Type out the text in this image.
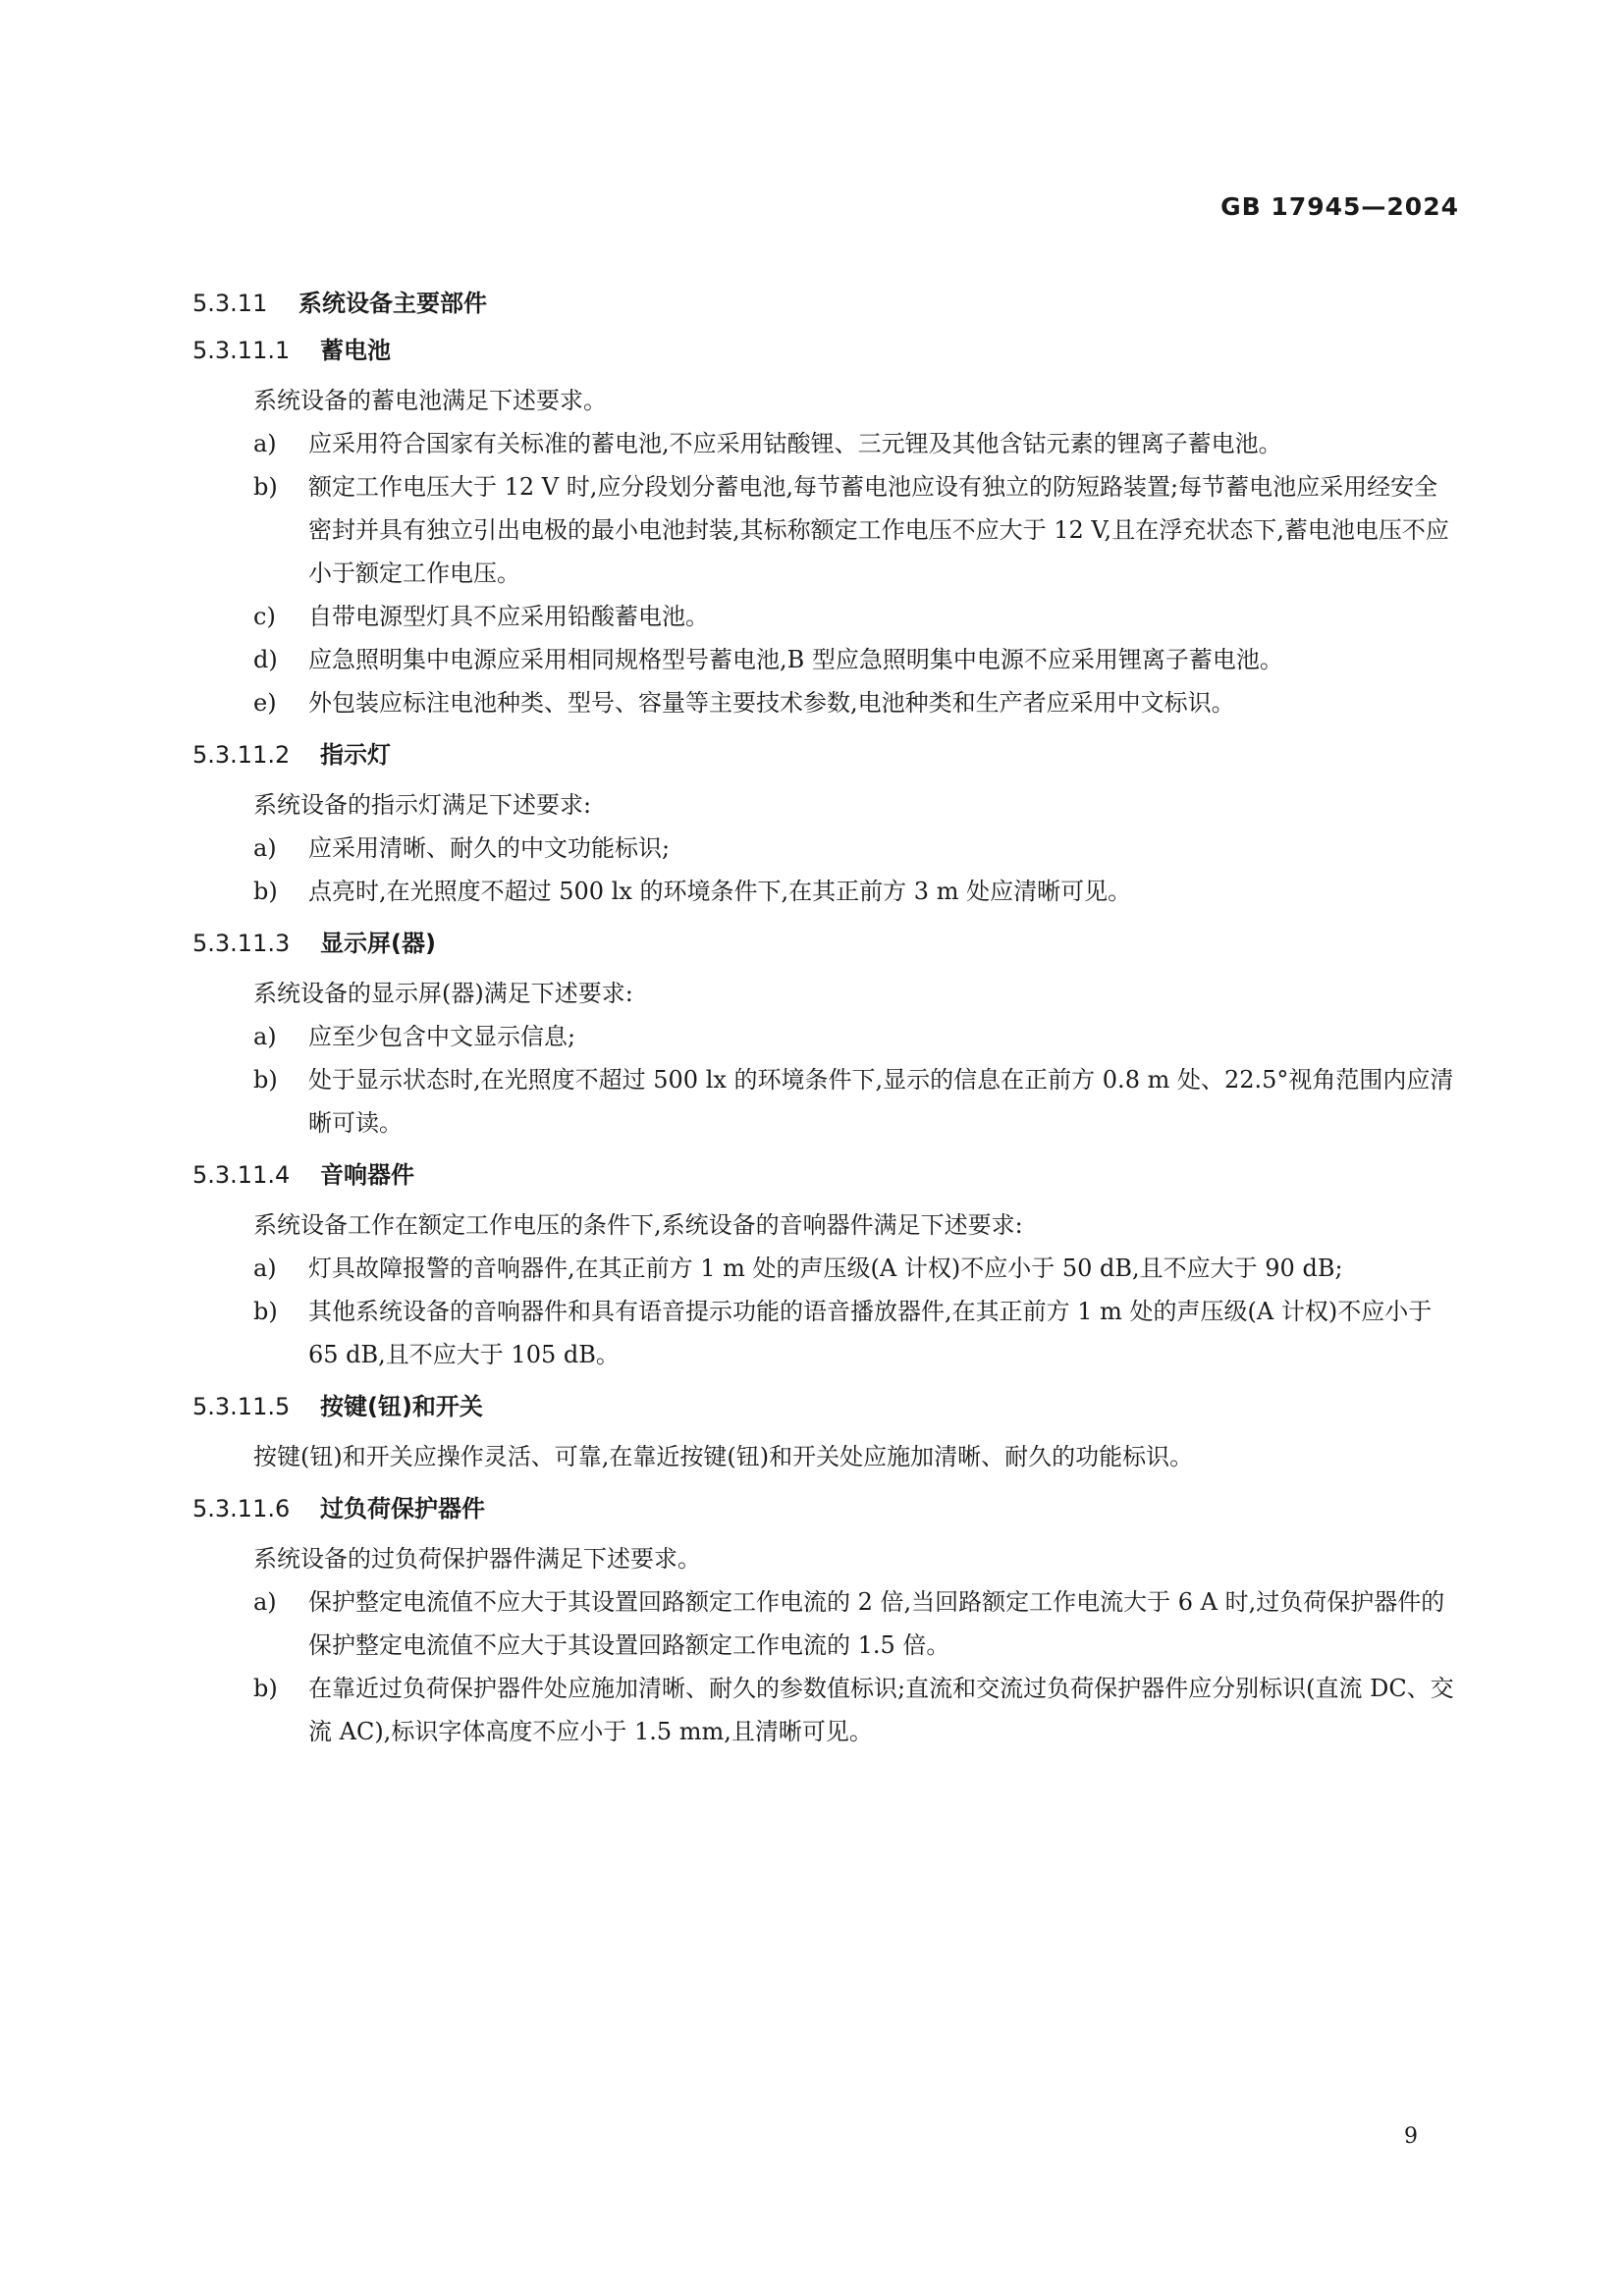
GB 17945—2024
5.3.11 系统设备主要部件
5.3.11.1 蓄电池

系统设备的蓄电池满足下述要求。

a) 应采用符合国家有关标准的蓄电池,不应采用钴酸锂、三元锂及其他含钴元素的锂离子蓄电池。
b) 额定工作电压大于 12 V 时,应分段划分蓄电池,每节蓄电池应设有独立的防短路装置;每节蓄电池应采用经安全密封并具有独立引出电极的最小电池封装,其标称额定工作电压不应大于 12 V,且在浮充状态下,蓄电池电压不应小于额定工作电压。
c) 自带电源型灯具不应采用铅酸蓄电池。
d) 应急照明集中电源应采用相同规格型号蓄电池,B 型应急照明集中电源不应采用锂离子蓄电池。
e) 外包装应标注电池种类、型号、容量等主要技术参数,电池种类和生产者应采用中文标识。
5.3.11.2 指示灯

系统设备的指示灯满足下述要求:

a) 应采用清晰、耐久的中文功能标识;
b) 点亮时,在光照度不超过 500 lx 的环境条件下,在其正前方 3 m 处应清晰可见。
5.3.11.3 显示屏(器)

系统设备的显示屏(器)满足下述要求:

a) 应至少包含中文显示信息;
b) 处于显示状态时,在光照度不超过 500 lx 的环境条件下,显示的信息在正前方 0.8 m 处、22.5°视角范围内应清晰可读。
5.3.11.4 音响器件

系统设备工作在额定工作电压的条件下,系统设备的音响器件满足下述要求:

a) 灯具故障报警的音响器件,在其正前方 1 m 处的声压级(A 计权)不应小于 50 dB,且不应大于 90 dB;
b) 其他系统设备的音响器件和具有语音提示功能的语音播放器件,在其正前方 1 m 处的声压级(A 计权)不应小于 65 dB,且不应大于 105 dB。
5.3.11.5 按键(钮)和开关

按键(钮)和开关应操作灵活、可靠,在靠近按键(钮)和开关处应施加清晰、耐久的功能标识。

5.3.11.6 过负荷保护器件

系统设备的过负荷保护器件满足下述要求。

a) 保护整定电流值不应大于其设置回路额定工作电流的 2 倍,当回路额定工作电流大于 6 A 时,过负荷保护器件的保护整定电流值不应大于其设置回路额定工作电流的 1.5 倍。
b) 在靠近过负荷保护器件处应施加清晰、耐久的参数值标识;直流和交流过负荷保护器件应分别标识(直流 DC、交流 AC),标识字体高度不应小于 1.5 mm,且清晰可见。
9
